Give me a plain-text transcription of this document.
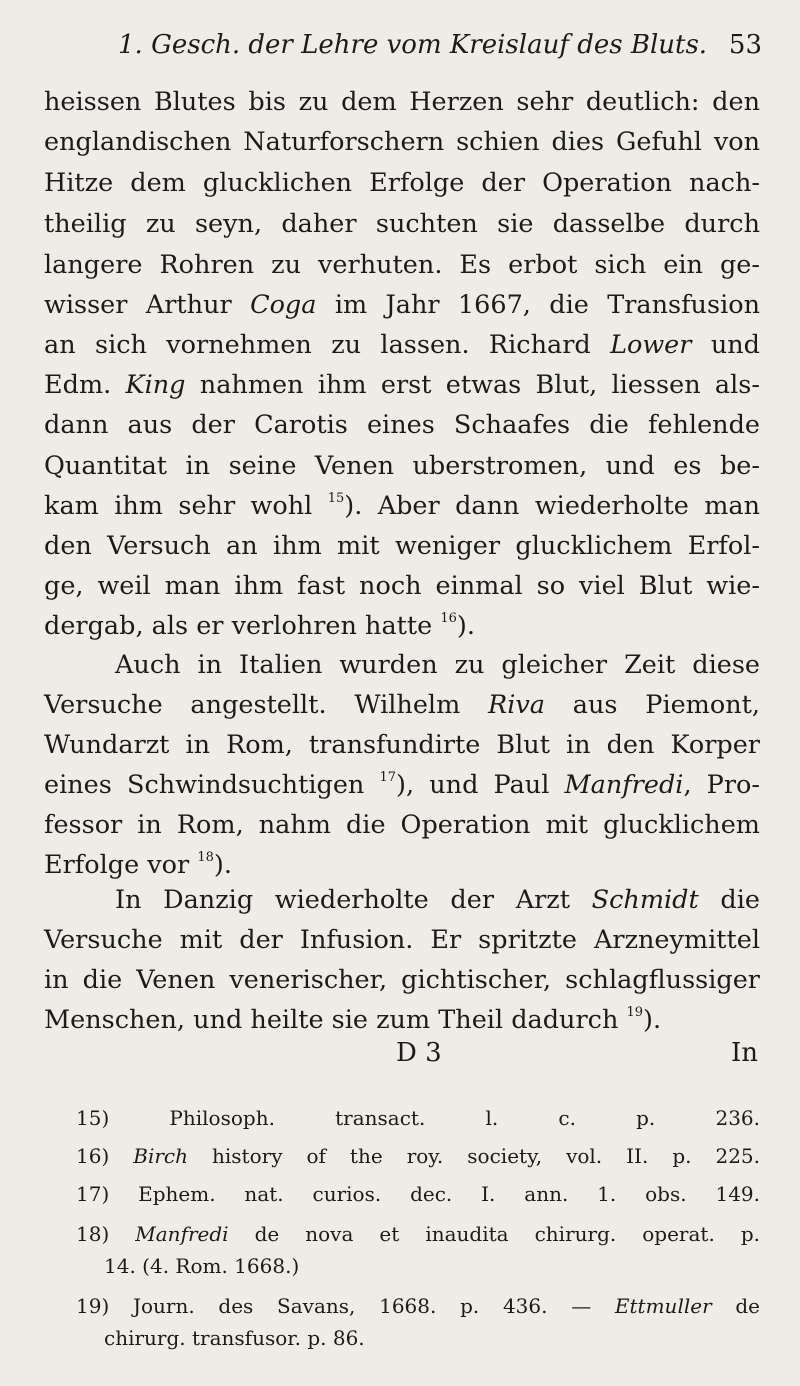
1. Gesch. der Lehre vom Kreislauf des Bluts. 53
heissen Blutes bis zu dem Herzen sehr deutlich: den
englandischen Naturforschern schien dies Gefuhl von
Hitze dem glucklichen Erfolge der Operation nach-
theilig zu seyn, daher suchten sie dasselbe durch
langere Rohren zu verhuten. Es erbot sich ein ge-
wisser Arthur Coga im Jahr 1667, die Transfusion
an sich vornehmen zu lassen. Richard Lower und
Edm. King nahmen ihm erst etwas Blut, liessen als-
dann aus der Carotis eines Schaafes die fehlende
Quantitat in seine Venen uberstromen, und es be-
kam ihm sehr wohl $^{15}$). Aber dann wiederholte man
den Versuch an ihm mit weniger glucklichem Erfol-
ge, weil man ihm fast noch einmal so viel Blut wie-
dergab, als er verlohren hatte $^{16}$).
Auch in Italien wurden zu gleicher Zeit diese
Versuche angestellt. Wilhelm Riva aus Piemont,
Wundarzt in Rom, transfundirte Blut in den Korper
eines Schwindsuchtigen $^{17}$), und Paul Manfredi, Pro-
fessor in Rom, nahm die Operation mit glucklichem
Erfolge vor $^{18}$).
In Danzig wiederholte der Arzt Schmidt die
Versuche mit der Infusion. Er spritzte Arzneymittel
in die Venen venerischer, gichtischer, schlagflussiger
Menschen, und heilte sie zum Theil dadurch $^{19}$).
D 3	In
15) Philosoph. transact. l. c. p. 236.
16) Birch history of the roy. society, vol. II. p. 225.
17) Ephem. nat. curios. dec. I. ann. 1. obs. 149.
18) Manfredi de nova et inaudita chirurg. operat. p.
14. (4. Rom. 1668.)
19) Journ. des Savans, 1668. p. 436. — Ettmuller de
chirurg. transfusor. p. 86.
